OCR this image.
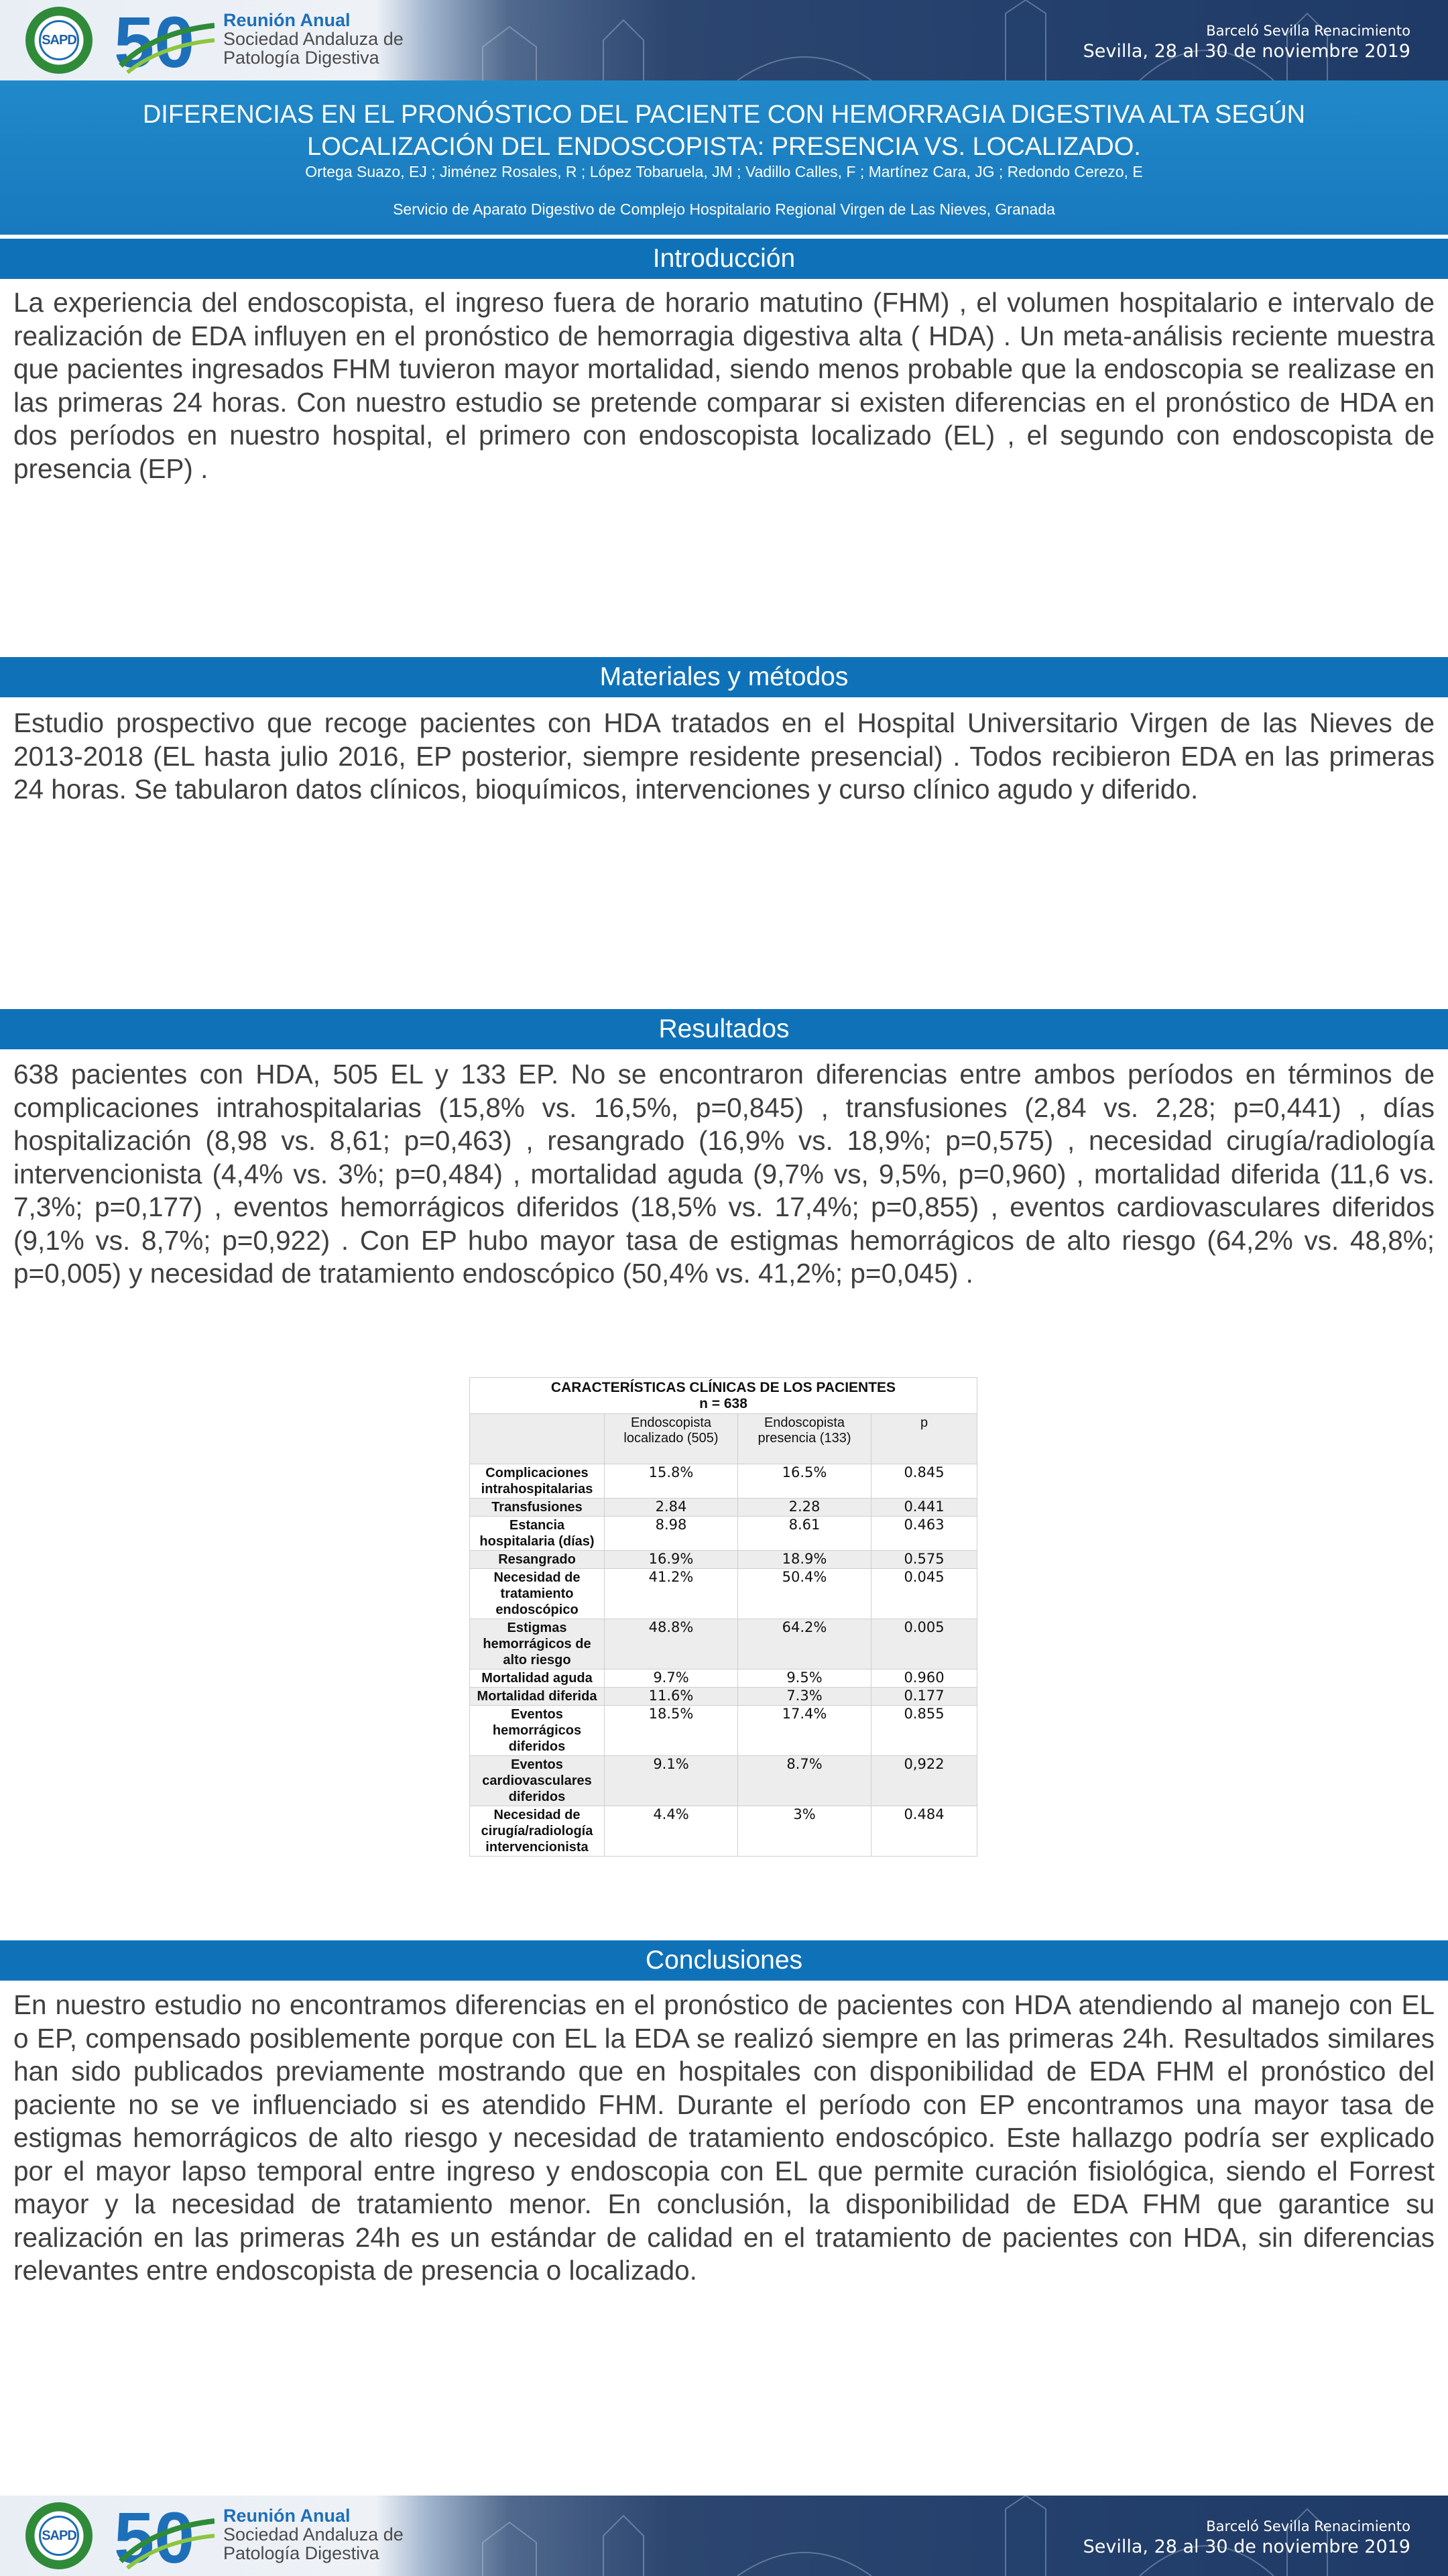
SAPD 50 Reunión Anual
Sociedad Andaluza de
Patología Digestiva
Barceló Sevilla Renacimiento
Sevilla, 28 al 30 de noviembre 2019
DIFERENCIAS EN EL PRONÓSTICO DEL PACIENTE CON HEMORRAGIA DIGESTIVA ALTA SEGÚN
LOCALIZACIÓN DEL ENDOSCOPISTA: PRESENCIA VS. LOCALIZADO.
Ortega Suazo, EJ ; Jiménez Rosales, R ; López Tobaruela, JM ; Vadillo Calles, F ; Martínez Cara, JG ; Redondo Cerezo, E
Servicio de Aparato Digestivo de Complejo Hospitalario Regional Virgen de Las Nieves, Granada
Introducción

La experiencia del endoscopista, el ingreso fuera de horario matutino (FHM) , el volumen hospitalario e intervalo de realización de EDA influyen en el pronóstico de hemorragia digestiva alta ( HDA) . Un meta-análisis reciente muestra que pacientes ingresados FHM tuvieron mayor mortalidad, siendo menos probable que la endoscopia se realizase en las primeras 24 horas. Con nuestro estudio se pretende comparar si existen diferencias en el pronóstico de HDA en dos períodos en nuestro hospital, el primero con endoscopista localizado (EL) , el segundo con endoscopista de presencia (EP) .

Materiales y métodos

Estudio prospectivo que recoge pacientes con HDA tratados en el Hospital Universitario Virgen de las Nieves de 2013-2018 (EL hasta julio 2016, EP posterior, siempre residente presencial) . Todos recibieron EDA en las primeras 24 horas. Se tabularon datos clínicos, bioquímicos, intervenciones y curso clínico agudo y diferido.

Resultados

638 pacientes con HDA, 505 EL y 133 EP. No se encontraron diferencias entre ambos períodos en términos de complicaciones intrahospitalarias (15,8% vs. 16,5%, p=0,845) , transfusiones (2,84 vs. 2,28; p=0,441) , días hospitalización (8,98 vs. 8,61; p=0,463) , resangrado (16,9% vs. 18,9%; p=0,575) , necesidad cirugía/radiología intervencionista (4,4% vs. 3%; p=0,484) , mortalidad aguda (9,7% vs, 9,5%, p=0,960) , mortalidad diferida (11,6 vs. 7,3%; p=0,177) , eventos hemorrágicos diferidos (18,5% vs. 17,4%; p=0,855) , eventos cardiovasculares diferidos (9,1% vs. 8,7%; p=0,922) . Con EP hubo mayor tasa de estigmas hemorrágicos de alto riesgo (64,2% vs. 48,8%; p=0,005) y necesidad de tratamiento endoscópico (50,4% vs. 41,2%; p=0,045) .

CARACTERÍSTICAS CLÍNICAS DE LOS PACIENTES
n = 638			

	Endoscopista localizado (505)	Endoscopista presencia (133)	p
Complicaciones intrahospitalarias	15.8%	16.5%	0.845
Transfusiones	2.84	2.28	0.441
Estancia hospitalaria (días)	8.98	8.61	0.463
Resangrado	16.9%	18.9%	0.575
Necesidad de tratamiento endoscópico	41.2%	50.4%	0.045
Estigmas hemorrágicos de alto riesgo	48.8%	64.2%	0.005
Mortalidad aguda	9.7%	9.5%	0.960
Mortalidad diferida	11.6%	7.3%	0.177
Eventos hemorrágicos diferidos	18.5%	17.4%	0.855
Eventos cardiovasculares diferidos	9.1%	8.7%	0,922
Necesidad de cirugía/radiología intervencionista	4.4%	3%	0.484
Conclusiones

En nuestro estudio no encontramos diferencias en el pronóstico de pacientes con HDA atendiendo al manejo con EL o EP, compensado posiblemente porque con EL la EDA se realizó siempre en las primeras 24h. Resultados similares han sido publicados previamente mostrando que en hospitales con disponibilidad de EDA FHM el pronóstico del paciente no se ve influenciado si es atendido FHM. Durante el período con EP encontramos una mayor tasa de estigmas hemorrágicos de alto riesgo y necesidad de tratamiento endoscópico. Este hallazgo podría ser explicado por el mayor lapso temporal entre ingreso y endoscopia con EL que permite curación fisiológica, siendo el Forrest mayor y la necesidad de tratamiento menor. En conclusión, la disponibilidad de EDA FHM que garantice su realización en las primeras 24h es un estándar de calidad en el tratamiento de pacientes con HDA, sin diferencias relevantes entre endoscopista de presencia o localizado.

SAPD 50 Reunión Anual
Sociedad Andaluza de
Patología Digestiva
Barceló Sevilla Renacimiento
Sevilla, 28 al 30 de noviembre 2019
